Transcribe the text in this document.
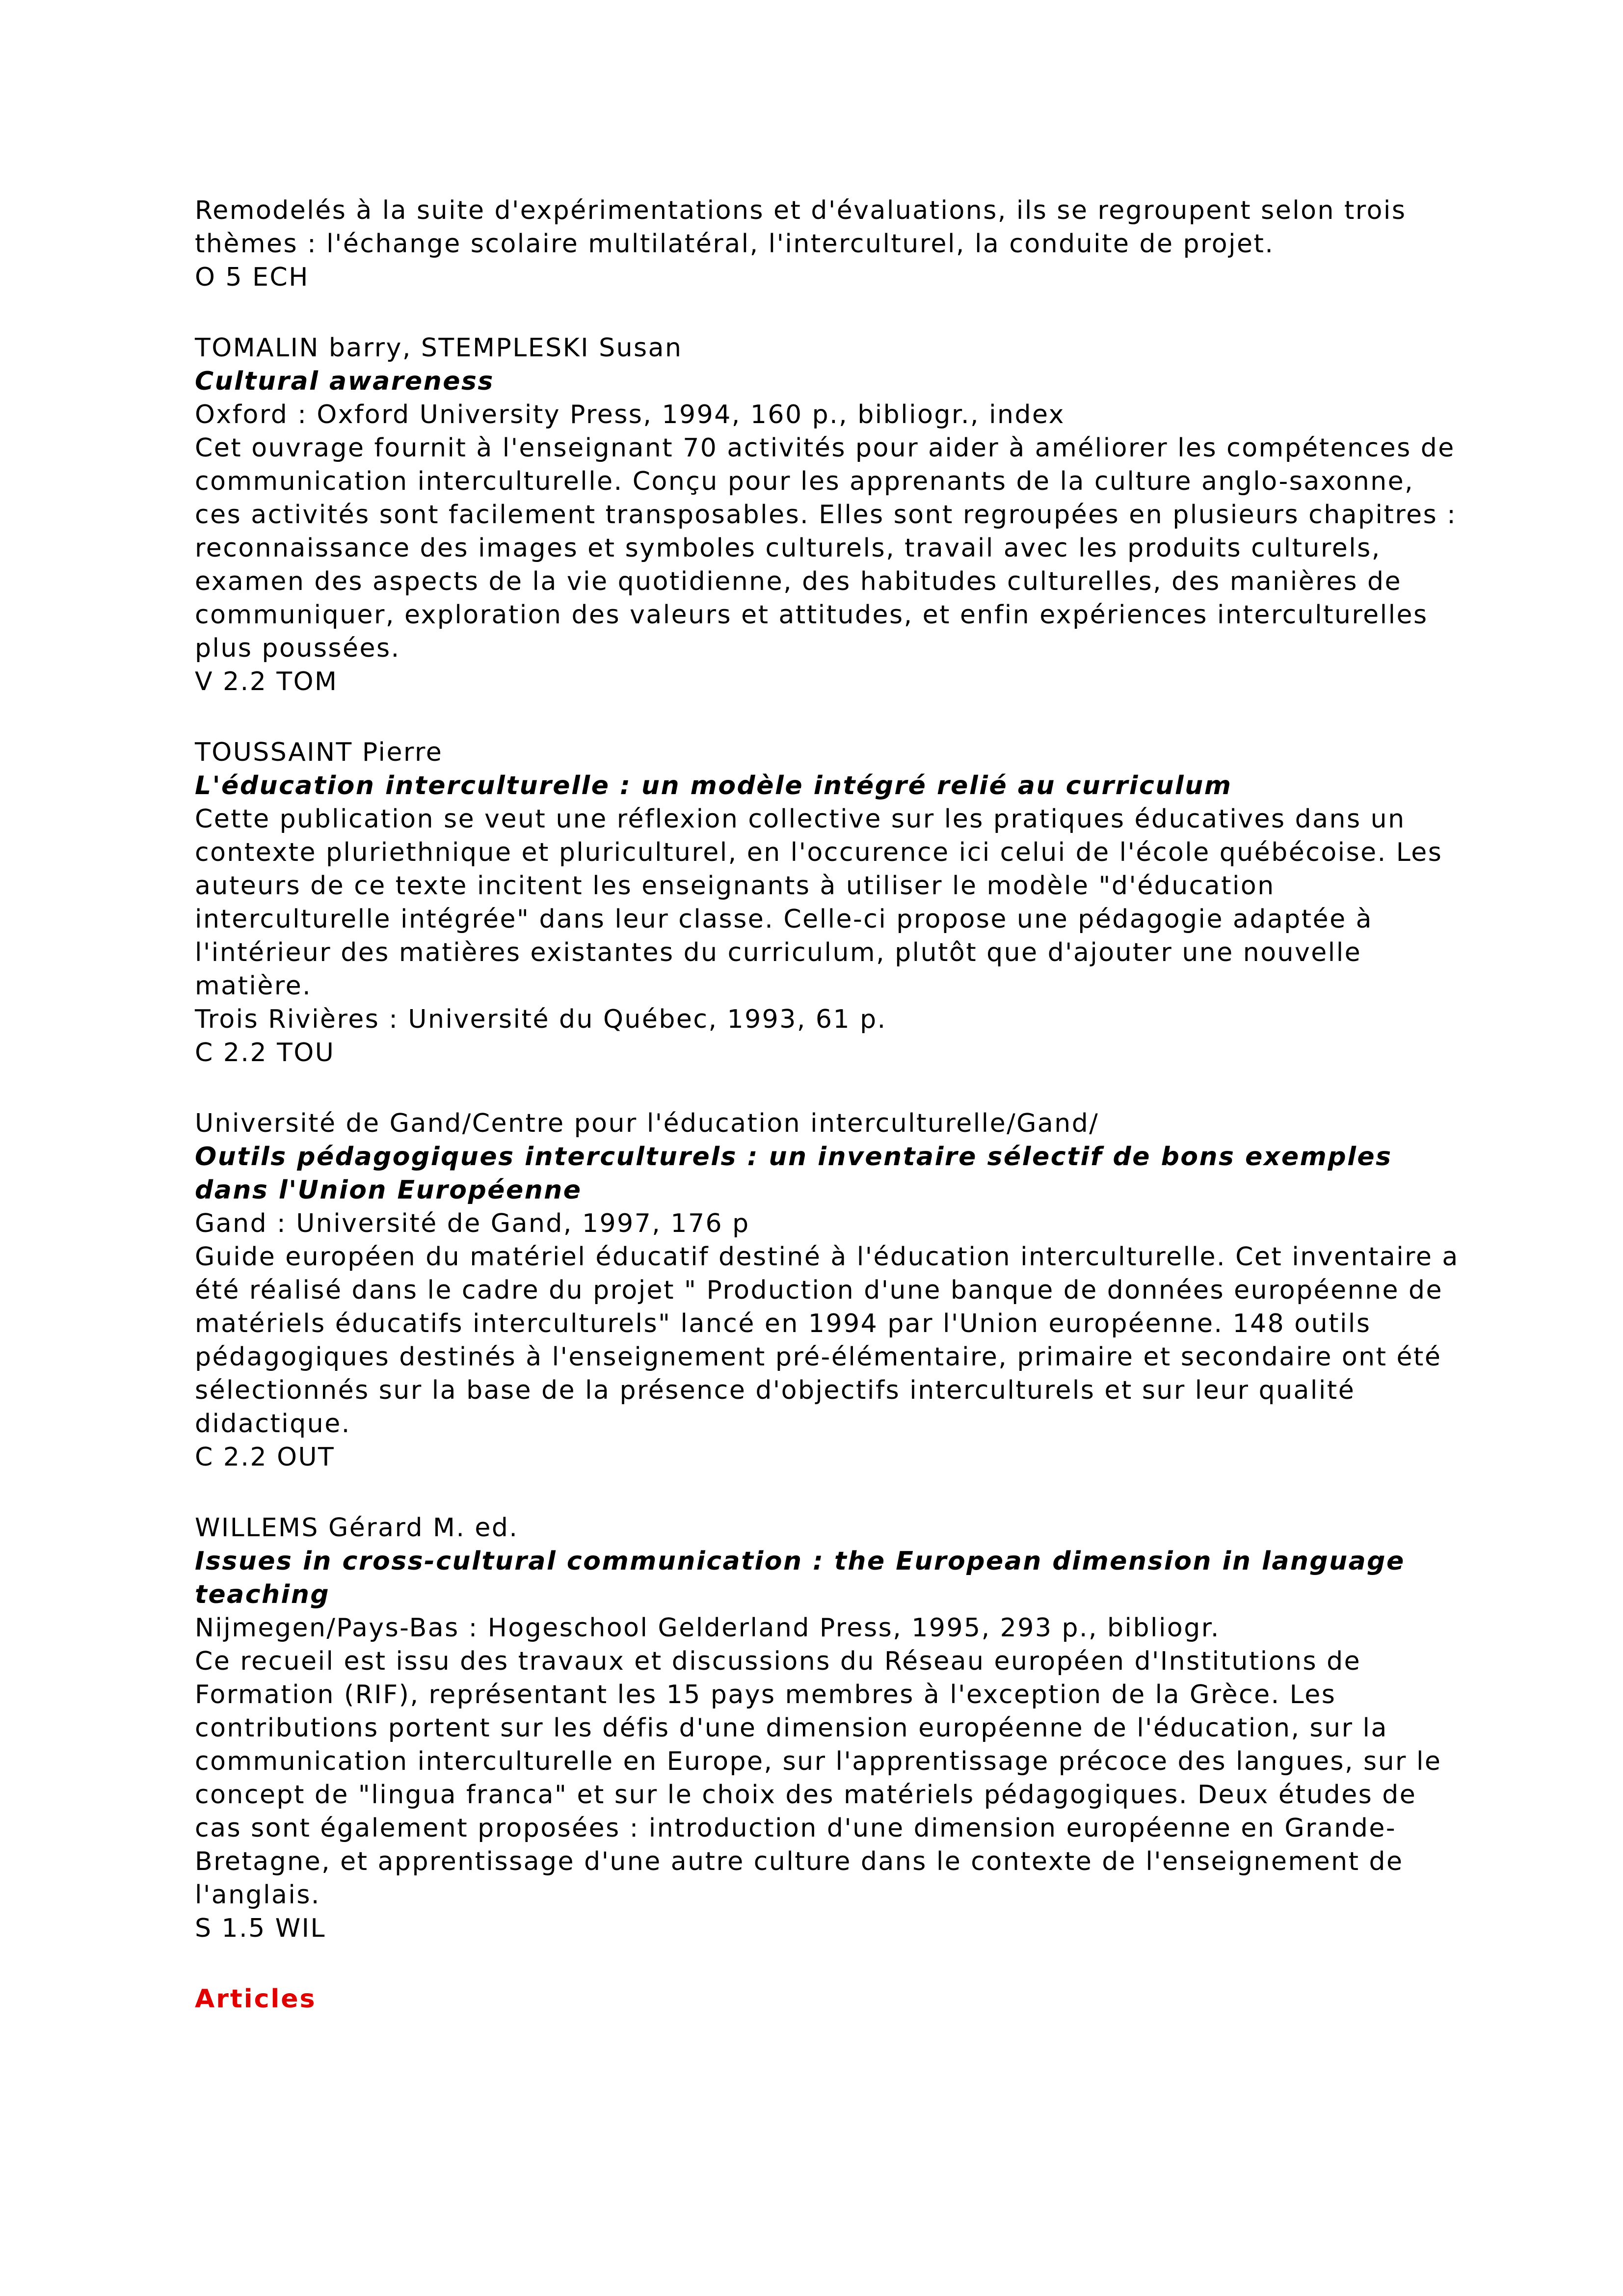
Remodelés à la suite d'expérimentations et d'évaluations, ils se regroupent selon trois
thèmes : l'échange scolaire multilatéral, l'interculturel, la conduite de projet.
O 5 ECH
TOMALIN barry, STEMPLESKI Susan
Cultural awareness
Oxford : Oxford University Press, 1994, 160 p., bibliogr., index
Cet ouvrage fournit à l'enseignant 70 activités pour aider à améliorer les compétences de
communication interculturelle. Conçu pour les apprenants de la culture anglo-saxonne,
ces activités sont facilement transposables. Elles sont regroupées en plusieurs chapitres :
reconnaissance des images et symboles culturels, travail avec les produits culturels,
examen des aspects de la vie quotidienne, des habitudes culturelles, des manières de
communiquer, exploration des valeurs et attitudes, et enfin expériences interculturelles
plus poussées.
V 2.2 TOM
TOUSSAINT Pierre
L'éducation interculturelle : un modèle intégré relié au curriculum
Cette publication se veut une réflexion collective sur les pratiques éducatives dans un
contexte pluriethnique et pluriculturel, en l'occurence ici celui de l'école québécoise. Les
auteurs de ce texte incitent les enseignants à utiliser le modèle "d'éducation
interculturelle intégrée" dans leur classe. Celle-ci propose une pédagogie adaptée à
l'intérieur des matières existantes du curriculum, plutôt que d'ajouter une nouvelle
matière.
Trois Rivières : Université du Québec, 1993, 61 p.
C 2.2 TOU
Université de Gand/Centre pour l'éducation interculturelle/Gand/
Outils pédagogiques interculturels : un inventaire sélectif de bons exemples
dans l'Union Européenne
Gand : Université de Gand, 1997, 176 p
Guide européen du matériel éducatif destiné à l'éducation interculturelle. Cet inventaire a
été réalisé dans le cadre du projet " Production d'une banque de données européenne de
matériels éducatifs interculturels" lancé en 1994 par l'Union européenne. 148 outils
pédagogiques destinés à l'enseignement pré-élémentaire, primaire et secondaire ont été
sélectionnés sur la base de la présence d'objectifs interculturels et sur leur qualité
didactique.
C 2.2 OUT
WILLEMS Gérard M. ed.
Issues in cross-cultural communication : the European dimension in language
teaching
Nijmegen/Pays-Bas : Hogeschool Gelderland Press, 1995, 293 p., bibliogr.
Ce recueil est issu des travaux et discussions du Réseau européen d'Institutions de
Formation (RIF), représentant les 15 pays membres à l'exception de la Grèce. Les
contributions portent sur les défis d'une dimension européenne de l'éducation, sur la
communication interculturelle en Europe, sur l'apprentissage précoce des langues, sur le
concept de "lingua franca" et sur le choix des matériels pédagogiques. Deux études de
cas sont également proposées : introduction d'une dimension européenne en Grande-
Bretagne, et apprentissage d'une autre culture dans le contexte de l'enseignement de
l'anglais.
S 1.5 WIL
Articles
